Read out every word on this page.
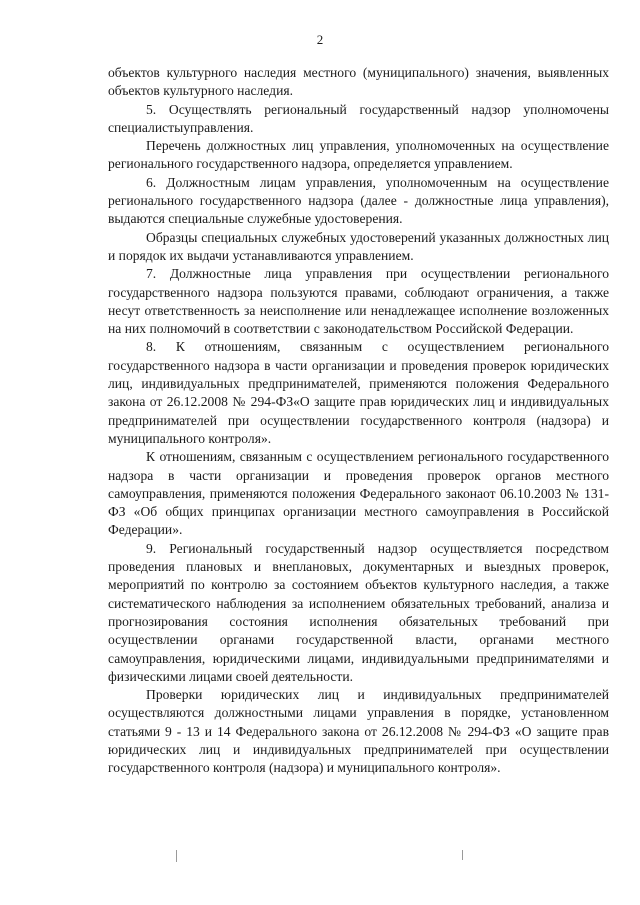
2

объектов культурного наследия местного (муниципального) значения, выявленных объектов культурного наследия.

5. Осуществлять региональный государственный надзор уполномочены специалистыуправления.

Перечень должностных лиц управления, уполномоченных на осуществление регионального государственного надзора, определяется управлением.

6. Должностным лицам управления, уполномоченным на осуществление регионального государственного надзора (далее - должностные лица управления), выдаются специальные служебные удостоверения.

Образцы специальных служебных удостоверений указанных должностных лиц и порядок их выдачи устанавливаются управлением.

7. Должностные лица управления при осуществлении регионального государственного надзора пользуются правами, соблюдают ограничения, а также несут ответственность за неисполнение или ненадлежащее исполнение возложенных на них полномочий в соответствии с законодательством Российской Федерации.

8. К отношениям, связанным с осуществлением регионального государственного надзора в части организации и проведения проверок юридических лиц, индивидуальных предпринимателей, применяются положения Федерального закона от 26.12.2008 № 294-ФЗ«О защите прав юридических лиц и индивидуальных предпринимателей при осуществлении государственного контроля (надзора) и муниципального контроля».

К отношениям, связанным с осуществлением регионального государственного надзора в части организации и проведения проверок органов местного самоуправления, применяются положения Федерального законаот 06.10.2003 № 131-ФЗ «Об общих принципах организации местного самоуправления в Российской Федерации».

9. Региональный государственный надзор осуществляется посредством проведения плановых и внеплановых, документарных и выездных проверок, мероприятий по контролю за состоянием объектов культурного наследия, а также систематического наблюдения за исполнением обязательных требований, анализа и прогнозирования состояния исполнения обязательных требований при осуществлении органами государственной власти, органами местного самоуправления, юридическими лицами, индивидуальными предпринимателями и физическими лицами своей деятельности.

Проверки юридических лиц и индивидуальных предпринимателей осуществляются должностными лицами управления в порядке, установленном статьями 9 - 13 и 14 Федерального закона от 26.12.2008 № 294-ФЗ «О защите прав юридических лиц и индивидуальных предпринимателей при осуществлении государственного контроля (надзора) и муниципального контроля».
